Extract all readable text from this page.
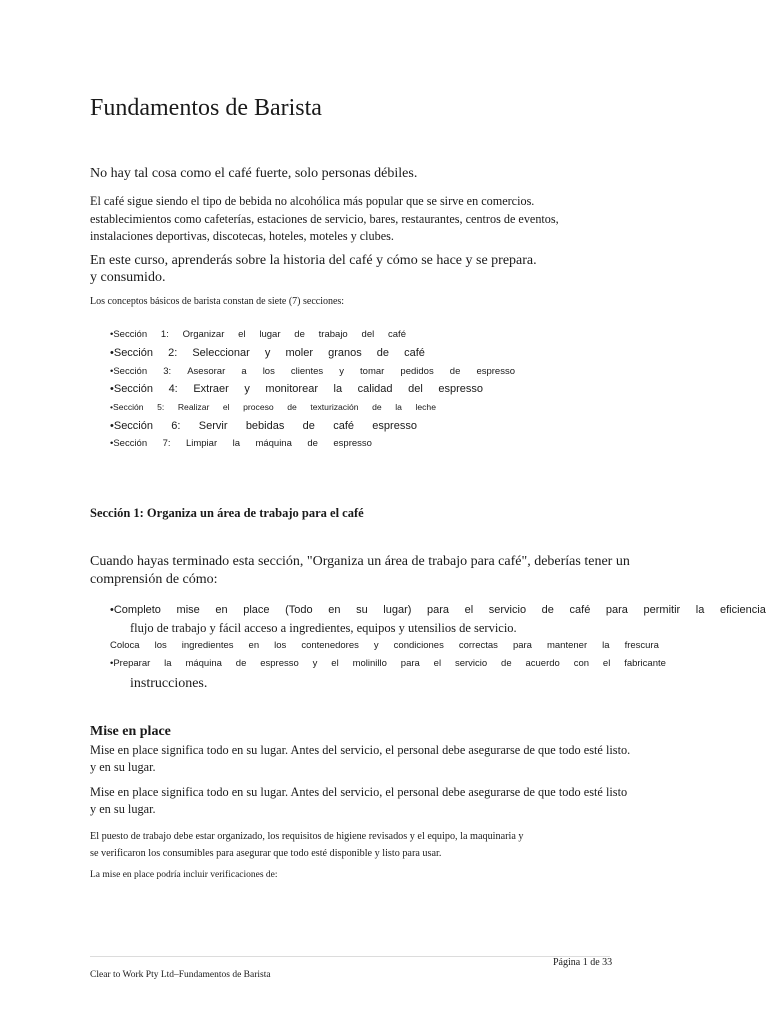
Fundamentos de Barista
No hay tal cosa como el café fuerte, solo personas débiles.
El café sigue siendo el tipo de bebida no alcohólica más popular que se sirve en comercios.
establecimientos como cafeterías, estaciones de servicio, bares, restaurantes, centros de eventos,
instalaciones deportivas, discotecas, hoteles, moteles y clubes.
En este curso, aprenderás sobre la historia del café y cómo se hace y se prepara.
y consumido.
Los conceptos básicos de barista constan de siete (7) secciones:
•Sección 1: Organizar el lugar de trabajo del café
•Sección 2: Seleccionar y moler granos de café
•Sección 3: Asesorar a los clientes y tomar pedidos de espresso
•Sección 4: Extraer y monitorear la calidad del espresso
•Sección 5: Realizar el proceso de texturización de la leche
•Sección 6: Servir bebidas de café espresso
•Sección 7: Limpiar la máquina de espresso
Sección 1: Organiza un área de trabajo para el café
Cuando hayas terminado esta sección, "Organiza un área de trabajo para café", deberías tener un
comprensión de cómo:
•Completo mise en place (Todo en su lugar) para el servicio de café para permitir la eficiencia
flujo de trabajo y fácil acceso a ingredientes, equipos y utensilios de servicio.
Coloca los ingredientes en los contenedores y condiciones correctas para mantener la frescura
•Preparar la máquina de espresso y el molinillo para el servicio de acuerdo con el fabricante
instrucciones.
Mise en place
Mise en place significa todo en su lugar. Antes del servicio, el personal debe asegurarse de que todo esté listo.
y en su lugar.
Mise en place significa todo en su lugar. Antes del servicio, el personal debe asegurarse de que todo esté listo
y en su lugar.
El puesto de trabajo debe estar organizado, los requisitos de higiene revisados y el equipo, la maquinaria y
se verificaron los consumibles para asegurar que todo esté disponible y listo para usar.
La mise en place podría incluir verificaciones de:
Página 1 de 33
Clear to Work Pty Ltd–Fundamentos de Barista
